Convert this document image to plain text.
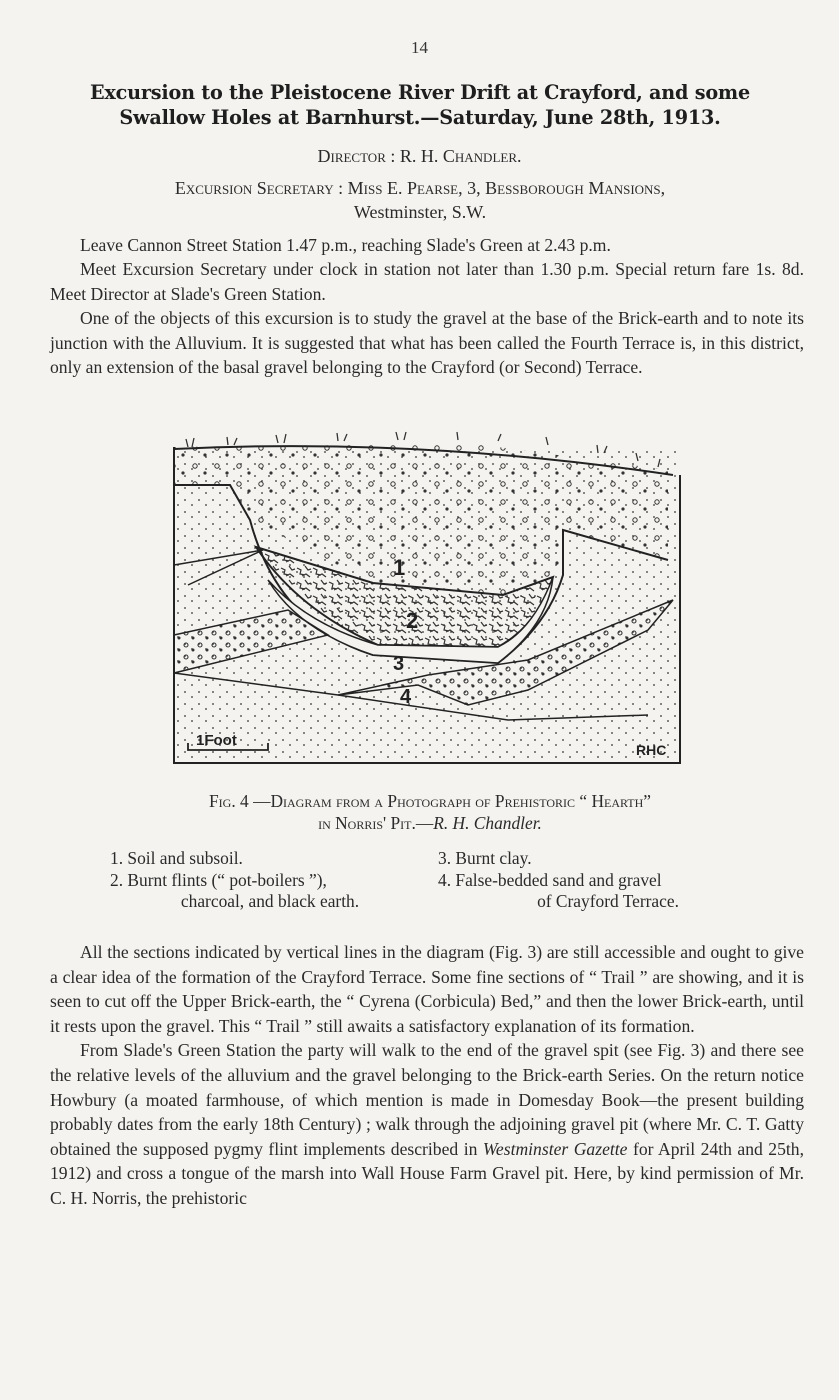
14
Excursion to the Pleistocene River Drift at Crayford, and some
Swallow Holes at Barnhurst.—Saturday, June 28th, 1913.
Director : R. H. Chandler.
Excursion Secretary : Miss E. Pearse, 3, Bessborough Mansions,
Westminster, S.W.

Leave Cannon Street Station 1.47 p.m., reaching Slade's Green at 2.43 p.m.

Meet Excursion Secretary under clock in station not later than 1.30 p.m. Special return fare 1s. 8d. Meet Director at Slade's Green Station.

One of the objects of this excursion is to study the gravel at the base of the Brick-earth and to note its junction with the Alluvium. It is suggested that what has been called the Fourth Terrace is, in this district, only an extension of the basal gravel belonging to the Crayford (or Second) Terrace.

1
2
3
4
1Foot
RHC
Fig. 4 —Diagram from a Photograph of Prehistoric “ Hearth”
in Norris' Pit.—R. H. Chandler.
1. Soil and subsoil.
2. Burnt flints (“ pot-boilers ”),
charcoal, and black earth.
3. Burnt clay.
4. False-bedded sand and gravel
of Crayford Terrace.

All the sections indicated by vertical lines in the diagram (Fig. 3) are still accessible and ought to give a clear idea of the formation of the Crayford Terrace. Some fine sections of “ Trail ” are showing, and it is seen to cut off the Upper Brick-earth, the “ Cyrena (Corbicula) Bed,” and then the lower Brick-earth, until it rests upon the gravel. This “ Trail ” still awaits a satisfactory explanation of its formation.

From Slade's Green Station the party will walk to the end of the gravel spit (see Fig. 3) and there see the relative levels of the alluvium and the gravel belonging to the Brick-earth Series. On the return notice Howbury (a moated farmhouse, of which mention is made in Domesday Book—the present building probably dates from the early 18th Century) ; walk through the adjoining gravel pit (where Mr. C. T. Gatty obtained the supposed pygmy flint implements described in Westminster Gazette for April 24th and 25th, 1912) and cross a tongue of the marsh into Wall House Farm Gravel pit. Here, by kind permission of Mr. C. H. Norris, the prehistoric
